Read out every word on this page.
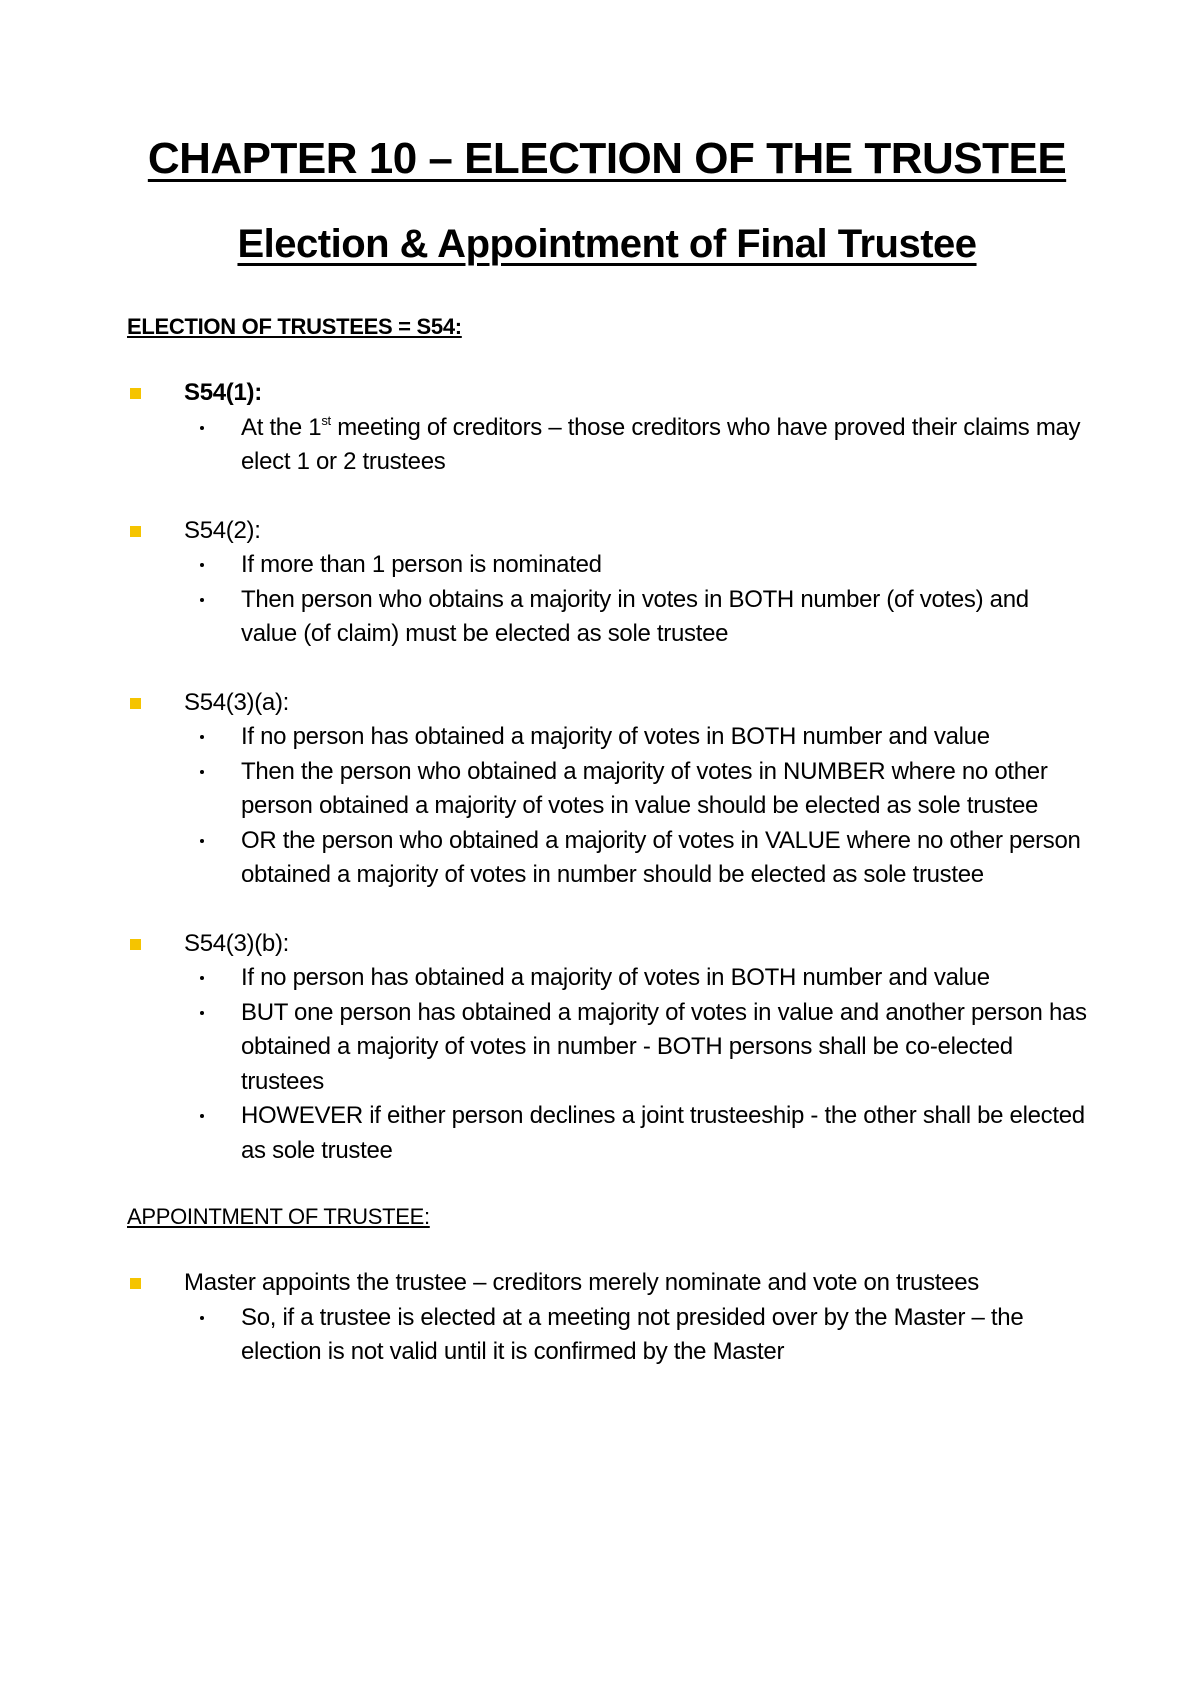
CHAPTER 10 – ELECTION OF THE TRUSTEE
Election & Appointment of Final Trustee
ELECTION OF TRUSTEES = S54:
S54(1):
At the 1st meeting of creditors – those creditors who have proved their claims may elect 1 or 2 trustees
S54(2):
If more than 1 person is nominated
Then person who obtains a majority in votes in BOTH number (of votes) and value (of claim) must be elected as sole trustee
S54(3)(a):
If no person has obtained a majority of votes in BOTH number and value
Then the person who obtained a majority of votes in NUMBER where no other person obtained a majority of votes in value should be elected as sole trustee
OR the person who obtained a majority of votes in VALUE where no other person obtained a majority of votes in number should be elected as sole trustee
S54(3)(b):
If no person has obtained a majority of votes in BOTH number and value
BUT one person has obtained a majority of votes in value and another person has obtained a majority of votes in number - BOTH persons shall be co-elected trustees
HOWEVER if either person declines a joint trusteeship - the other shall be elected as sole trustee
APPOINTMENT OF TRUSTEE:
Master appoints the trustee – creditors merely nominate and vote on trustees
So, if a trustee is elected at a meeting not presided over by the Master – the election is not valid until it is confirmed by the Master
